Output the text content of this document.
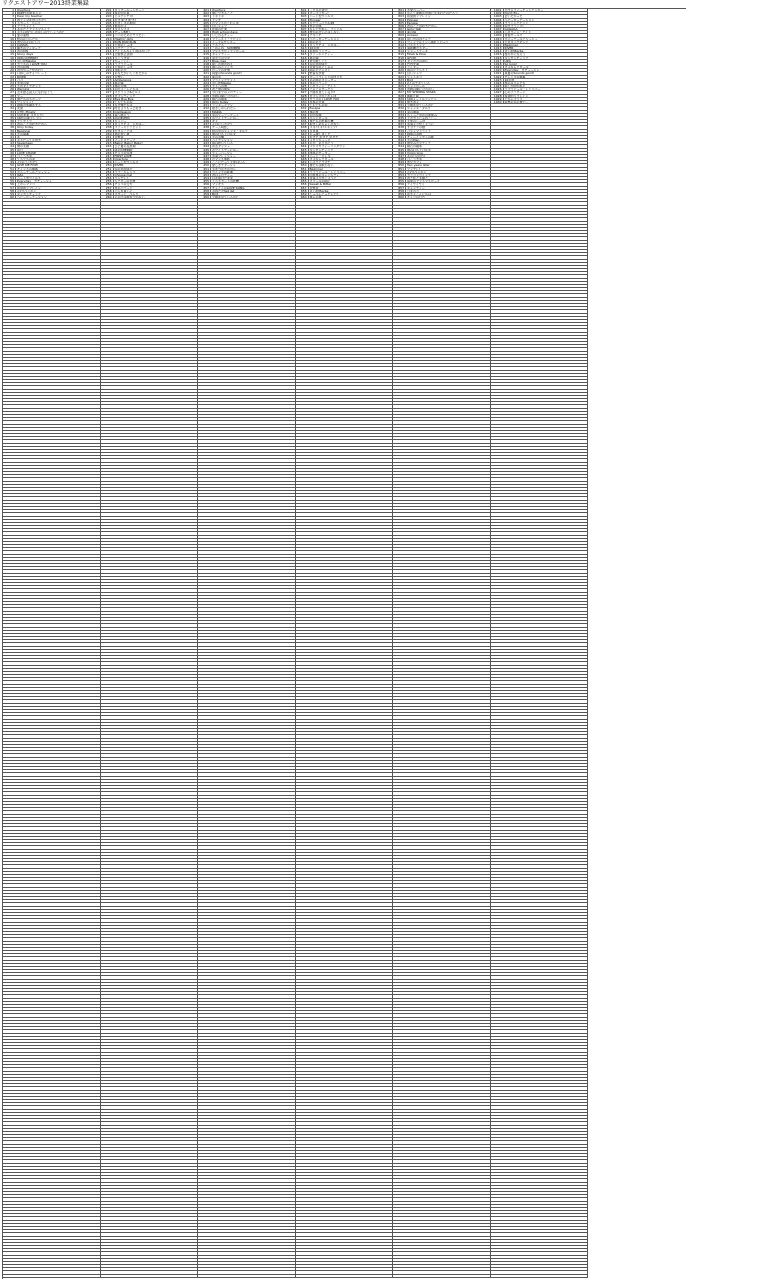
リクエストアワー2013終業集録
1	Overture
2	PARTYが始まるよ
3	Dear my teacher
4	毒リンゴを食べさせて
5	スカート、ひらり
6	クラスメイト
7	あなたとクリスマスイブ
8	キスは待つしかないのでしょうか?
9	夏の遥歌
10	桜の花びらたち
11	青空のそばにいて
12	CASSIS
13	嘆きのフィギュア
14	君のCW
15	Glory days
16	制服のCHERRY
17	言い訳Maybe
18	ガラスの I LOVE YOU
19	君のC/W
20	君がやっと続かれて
21	口移しのチョコレート
22	RIVER
23	パパ
24	未来の扉
25	大声ダイヤモンド
26	Warning
27	恋を語る詩人になれなくて
28	ジー
29	僕たちのスポーツ
30	ワッショイ!
31	制服が邪魔をする
32	友達
33	片想いFinally
34	1!2!3!4! ヨロシク!
35	16色の夢クレヨン
36	アリガトウ
37	君のことが好きだから
38	Only today
39	Beginner
40	恋の傷薬
41	兆
42	キスだって左利き
43	Seventeen
44	僕の太陽
45	初日
46	LOVE CHASE
47	ひこうき雲
48	てもでもの涙
49	そばにいさせて
50	GIVE ME FIVE!
51	チャンスの順番
52	ポニーテールとシュシュ
53	UZA
54	ハート型ウイルス
55	Everyday、カチューシャ
56	上からマリコ
57	希望的リフレイン
58	走れ!ペンギン
59	ギンガムチェック
60	ヘビーローテーション
201	ロッカールームボーイ
202	風の中の星
203	ヒルナンデス!
204	好き!好き!好き!
205	やさしさの地図
206	最高かよ
207	キスシマス
208	チームB推し
209	パパのためにヤリたい
210	Hashin' girls
211	RUN RUN RUN
212	天使のしっぽ
213	バナナ・ミラー
214	アイドルなんて呼ばないで
215	恋愛禁止条例
216	ひこうき雲
217	かっこいい
218	ラブラドール
219	天使のしっぽ
220	逆転の恋
221	あなたがいてくれたから
222	片想い
223	Ambulance
224	夢の鐘
225	僕の太陽
226	初恋よこんにちは
227	スクラップ&ビルド
228	ロマンティック
229	Bye Bye Bye
230	てもでもの涙
231	なぜ僕たちは
232	昨日よりもっと好き
233	Confession
234	森へ帰ろう
235	雨の動物園
236	ジッパー
237	ロックだよ、人生は…
238	ファーストラビット
239	生きることは
240	命の使い道
241	目撃者
242	ノーエスケープ
243	Baby! Baby! Baby!
244	ひと夏の反抗期
245	渚のCHERRY
246	チョコの奴隷
247	FIRST LOVE
248	Overture
249	ハート型ウイルス
250	RIVER
251	涙の表面張力
252	ラブ・ジャンプ
253	Choose me!
254	ツンデレ!
255	シアターの女神
256	チョコの行方
257	虫のバラード
258	パンを買いに
259	スカート、ひらり
260	その汗は嘘をつかない
401	Overture
402	僕にできること
403	ドキドキ
404	アンチ
405	ロマンスかくれんぼ
406	白いシャツ
407	夜風の仕業
408	High school days
409	いじわるチュー
410	ファースト・ラビット
411	イーアルサンスー
412	ぐるぐる
413	ごめんね、SUMMER
414	マジスカロックンロール
415	キャンディー
416	涙売りの少女
417	Blue rose
418	前しか向かねえ
419	僕らのユリイカ
420	ロープの友情
421	真夏のSounds good!
422	夢の河
423	フライングゲット
424	言い訳Maybe
425	大人への道
426	君と僕の関係
427	今日までのメロディー
428	奇跡は間に合わない
429	隕石の確率
430	Only today
431	ラッキーセブン
432	抱きしめられたら
433	MARIA
434	涙のシーソーゲーム
435	ホワイトデーには…
436	友よ
437	そばにいさせて
438	チームK推し
439	鏡の中のジャンヌ・ダルク
440	僕の打ち上げ花火
441	恋のお縄
442	ハイテンション
443	風は吹いている
444	初恋ダッシュ
445	ホワイトデーには…
446	ジャーバージャ
447	永遠プレッシャー
448	ロマンス拳銃
449	ここにだって天使はいる
450	愛しきナターシャ
451	手をつなぎながら
452	ウインクの銃弾
453	君はメロディー
454	目を明けたまま
455	ミニスカートの妖精
456	マンモス
457	チャイムはLOVE SONG
458	お待たせSet list
459	Bird
460	夕陽を見ているか?
601	三日月の背中
602	オーマイガー!
603	ハート型ウイルス
604	Pioneer
605	ジグソーパズル48
606	君の太陽
607	なんでやねん、アイドル
608	誰かのせいにはしない
609	ナギイチ
610	ヘビーローテーション
611	前のめり
612	ロックだよ、人生は…
613	10年桜
614	孤独なランナー
615	ヴァージニティー
616	夢の鐘
617	君が愛しくて
618	涙の表面張力
619	未来が目にしみる
620	雨のピアニスト
621	野蛮な求愛
622	ボーイフレンドの作り方
623	あの頃のスニーカー
624	虫のバラード
625	ハロウィン・ナイト
626	ぐるぐるカーテン
627	夕陽を見ているか?
628	ロマンスかくれんぼ
629	ガラスの I LOVE YOU
630	夜風の仕業
631	てもでもの涙
632	Escape
633	僕の桜
634	初恋泥棒
635	エンドロール
636	僕たちの紙飛行機
637	抱きしめちゃいけない
638	スキ!スキ!スキップ!
639	月見草
640	引っ越しました
641	好きだ 好きだ 好きだ
642	メロンジュース
643	失恋、ありがとう
644	マジスカフォーリンダウン
645	ギンガムチェック
646	誘惑のガーター
647	ハート・エレキ
648	さよならクロール
649	ハステとワステ
650	僕たちは戦わない
651	Beginner
652	ラブラドール・レトリバー
653	回遊魚のキャパシティ
654	永遠より続くように
655	スコールの間に
656	Sweet & Bitter
657	目撃者
658	言い訳Maybe
659	てっぺんとったんで!
660	僕らの風
801	恋愛ペーパー
802	なんて素敵な世界に生まれたのだろう
803	希望的リフレイン
804	Pioneer
805	Escape
806	君のことが好きだから
807	Girls' talk
808	夢の鐘
809	Answer
810	思い出のほとんど
811	ウィンブルドンへ連れて行って
812	バスストップ
813	遠距離ポスター
814	ショートケーキ
815	Mosh & Dive
816	蜃気楼
817	タンポポの決心
818	竹内先輩
819	ライダー
820	雨のピアニスト
821	白いシャツ
822	シャムネコ
823	Bird
824	2人はデキている
825	エンドロール
826	奇跡は間に合わない
827	MY SHINING STARS
828	JK眠り姫
829	100メートルコンビニ
830	強き者よ
831	夕陽を見ているか?
832	ジャンヌ・ダルク
833	涙の湘南
834	ちょっと早めの夏休み
835	アボガドじゃね～し…
836	天使のしっぽ
837	永遠より続くように
838	サヨナラの橋
839	パジャマドライブ
840	制服の羽根
841	チューインガムの味
842	恋のPlan
843	微笑みポジティブ
844	隕石の確率
845	僕の打ち上げ花火
846	Virgin love
847	あの日の自分
848	ひこうき雲
849	青空カフェ
850	Two years later
851	ツンデレ!
852	走れ!ペンギン
853	カラコンウインク
854	君と虹と太陽と
855	真夏のクリスマスローズ
856	アイヤイヤイ
857	キャンディー
858	ひまわり
859	初恋よこんにちは
860	チョコの行方
1001	恋するフォーチュンクッキー
1002	Don't fly~
1003	会いたかった
1004	ヘビーローテーション
1005	フライングゲット
1006	涙サプライズ!
1007	GAGAGA
1008	ハロウィン・ナイト
1009	青春ガールズ
1010	ポニーテールとシュシュ
1011	大声ダイヤモンド
1012	Beginner
1013	RIVER
1014	言い訳Maybe
1015	桜の木になろう
1016	ギンガムチェック
1017	UZA
1018	So long!
1019	さよならクロール
1020	Everyday、カチューシャ
1021	真夏のSounds good!
1022	チャンスの順番
1023	10年桜
1024	桜の花びらたち
1025	前しか向かねえ
1026	ラブラドール・レトリバー
1027	心のプラカード
1028	希望的リフレイン
1029	上からマリコ
1030	鈴懸の木の道で…
